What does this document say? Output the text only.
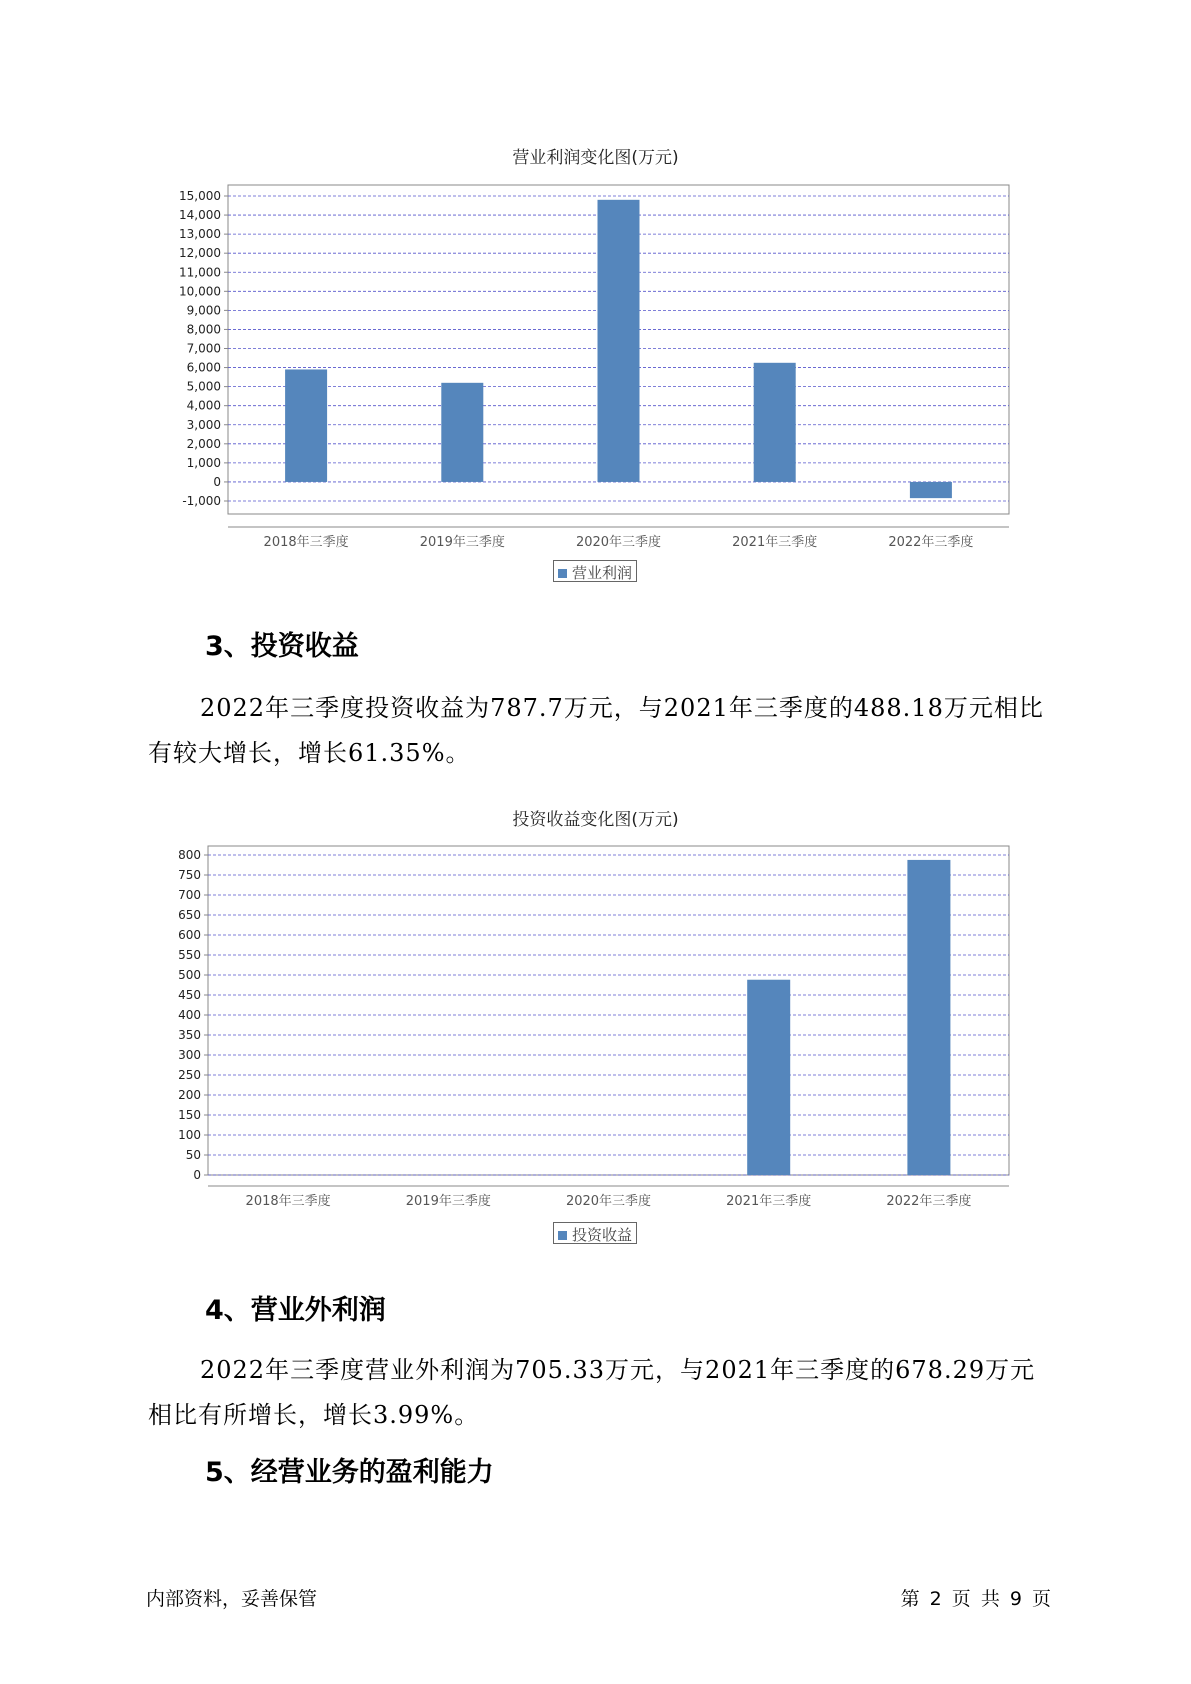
营业利润变化图(万元)
-1,000
0
1,000
2,000
3,000
4,000
5,000
6,000
7,000
8,000
9,000
10,000
11,000
12,000
13,000
14,000
15,000
2018年三季度	2019年三季度	2020年三季度	2021年三季度	2022年三季度
营业利润
3、投资收益
2022年三季度投资收益为787.7万元，与2021年三季度的488.18万元相比有较大增长，增长61.35%。
投资收益变化图(万元)
0
50
100
150
200
250
300
350
400
450
500
550
600
650
700
750
800
2018年三季度	2019年三季度	2020年三季度	2021年三季度	2022年三季度
投资收益
4、营业外利润
2022年三季度营业外利润为705.33万元，与2021年三季度的678.29万元相比有所增长，增长3.99%。
5、经营业务的盈利能力
内部资料，妥善保管	第 2 页 共 9 页
